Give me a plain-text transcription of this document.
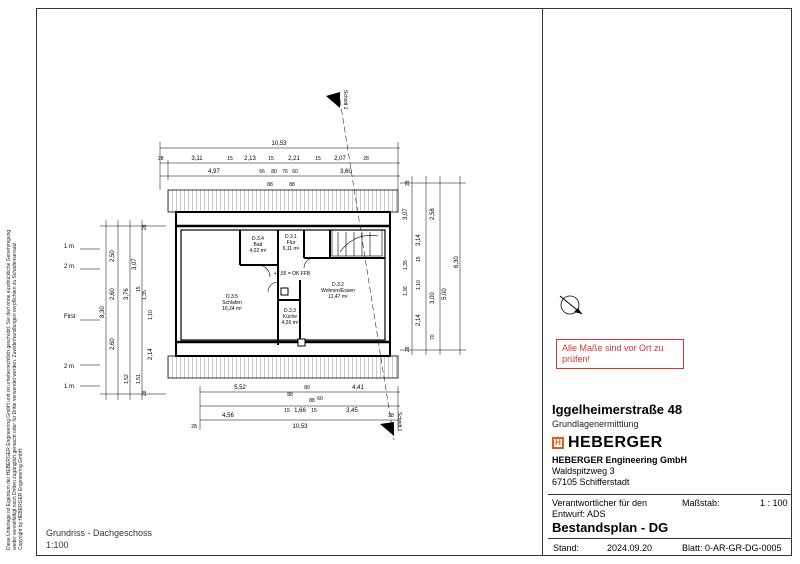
Diese Unterlage ist Eigentum der HEBERGER Engineering GmbH und ist urheberrechtlich geschützt. Sie darf ohne ausdrückliche Genehmigung weder vervielfältigt noch Dritten zugänglich gemacht oder für Dritte verwendet werden. Zuwiderhandlungen verpflichten zu Schadensersatz. Copyright by HEBERGER Engineering GmbH
D.3.1
Flur
6,11 m²
D.3.4
Bad
4,02 m²
D.3.2
Wohnen/Essen
11,47 m²
D.3.5
Schlafen
16,24 m²	D.3.3
Küche
4,26 m²
+7,55 = OK FFB
Schnitt 1
Schnitt 1
10,53
28	3,11	15 2,13 15 2,21	15 2,07	28
4,97	66 80 76 60	3,60
88	88
5,52	80	4,41
88
88
4,56
15 1,66 15	3,45
60
28
10,53
28
28
2,58
6,30
3,07
3,14
15
3,00
1,35
1,10
1,36
2,14
5,00
70
28
28
2,50
8,30
3,07
3,76 1,35
1,10
15
2,60
2,60
2,14
1,52 1,51
28
1 m
2 m
First
2 m
1 m
Grundriss - Dachgeschoss
1:100
Alle Maße sind vor Ort zu prüfen!
Iggelheimerstraße 48
Grundlagenermittlung
H HEBERGER
HEBERGER Engineering GmbH
Waldspitzweg 3
67105 Schifferstadt
Verantwortlicher für den Entwurf: ADS
Maßstab:	1 : 100
Bestandsplan - DG
Stand:	2024.09.20	Blatt: 0-AR-GR-DG-0005
